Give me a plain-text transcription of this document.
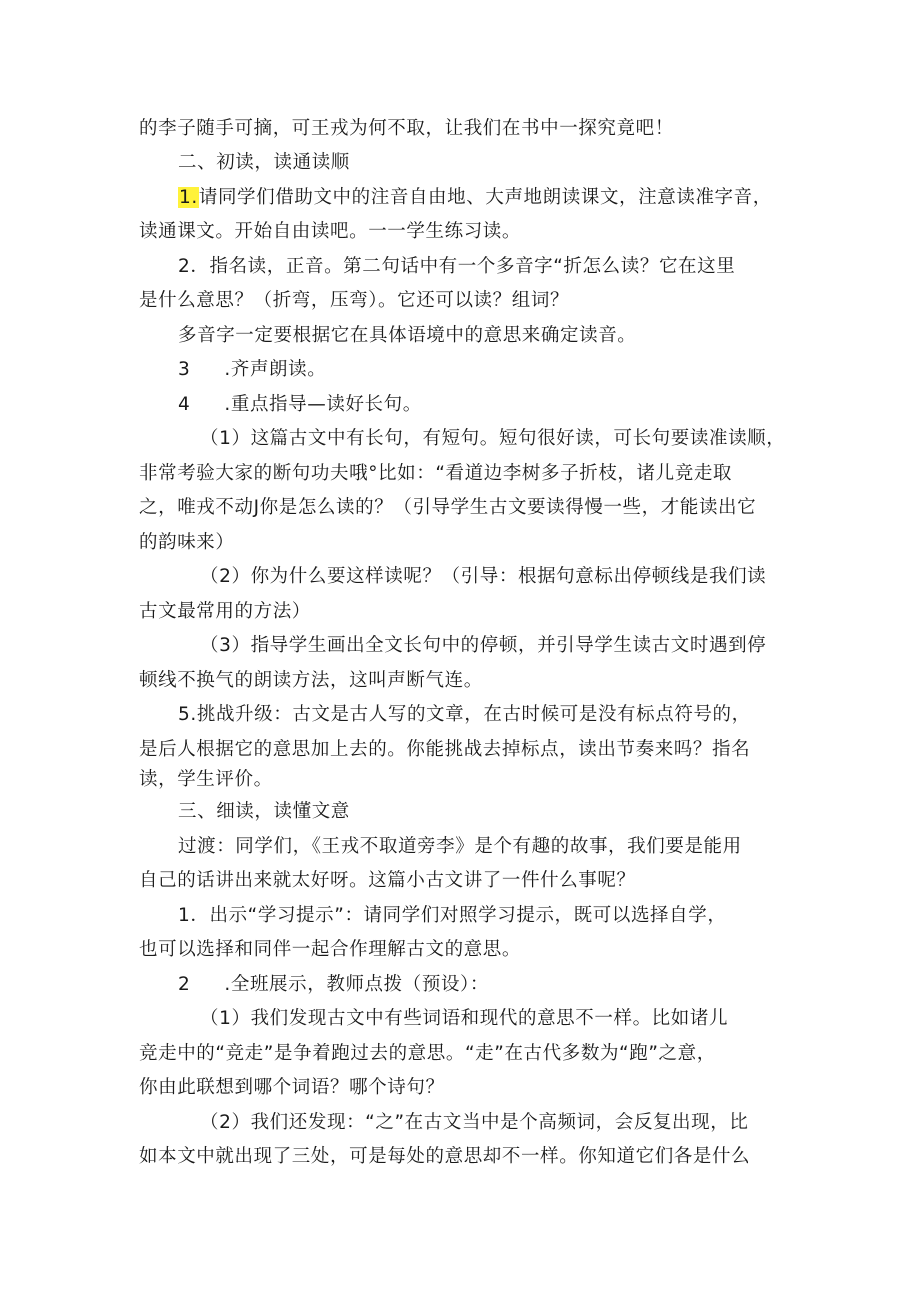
的李子随手可摘，可王戎为何不取，让我们在书中一探究竟吧！
二、初读，读通读顺
1.请同学们借助文中的注音自由地、大声地朗读课文，注意读准字音，
读通课文。开始自由读吧。一一学生练习读。
2．指名读，正音。第二句话中有一个多音字“折怎么读？它在这里
是什么意思？（折弯，压弯）。它还可以读？组词？
多音字一定要根据它在具体语境中的意思来确定读音。
3 .齐声朗读。
4 .重点指导—读好长句。
（1）这篇古文中有长句，有短句。短句很好读，可长句要读准读顺，
非常考验大家的断句功夫哦°比如：“看道边李树多子折枝，诸儿竞走取
之，唯戎不动J你是怎么读的？（引导学生古文要读得慢一些，才能读出它
的韵味来）
（2）你为什么要这样读呢？（引导：根据句意标出停顿线是我们读
古文最常用的方法）
（3）指导学生画出全文长句中的停顿，并引导学生读古文时遇到停
顿线不换气的朗读方法，这叫声断气连。
5.挑战升级：古文是古人写的文章，在古时候可是没有标点符号的，
是后人根据它的意思加上去的。你能挑战去掉标点，读出节奏来吗？指名
读，学生评价。
三、细读，读懂文意
过渡：同学们，《王戎不取道旁李》是个有趣的故事，我们要是能用
自己的话讲出来就太好呀。这篇小古文讲了一件什么事呢？
1．出示“学习提示”：请同学们对照学习提示，既可以选择自学，
也可以选择和同伴一起合作理解古文的意思。
2 .全班展示，教师点拨（预设）：
（1）我们发现古文中有些词语和现代的意思不一样。比如诸儿
竞走中的“竞走”是争着跑过去的意思。“走”在古代多数为“跑”之意，
你由此联想到哪个词语？哪个诗句？
（2）我们还发现：“之”在古文当中是个高频词，会反复出现，比
如本文中就出现了三处，可是每处的意思却不一样。你知道它们各是什么
